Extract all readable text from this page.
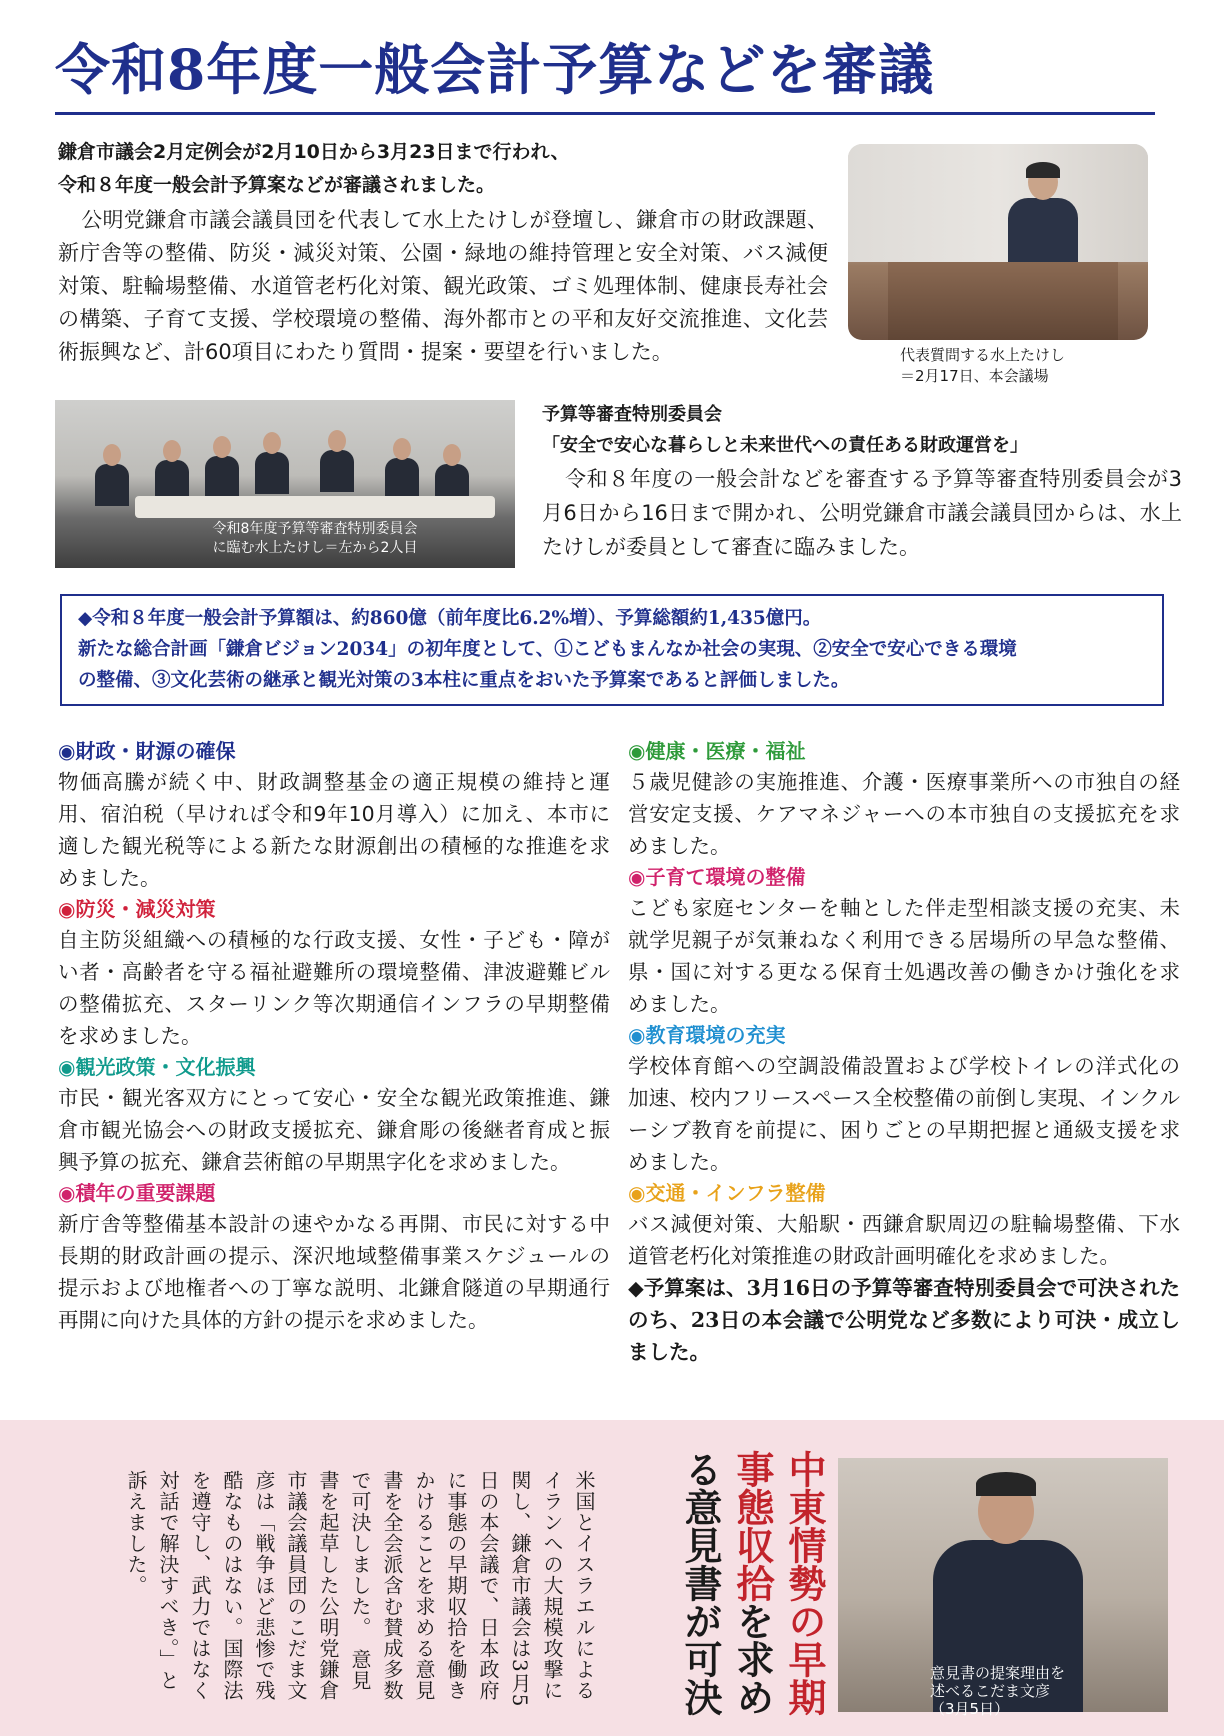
令和8年度一般会計予算などを審議
鎌倉市議会2月定例会が2月10日から3月23日まで行われ、
令和８年度一般会計予算案などが審議されました。

公明党鎌倉市議会議員団を代表して水上たけしが登壇し、鎌倉市の財政課題、新庁舎等の整備、防災・減災対策、公園・緑地の維持管理と安全対策、バス減便対策、駐輪場整備、水道管老朽化対策、観光政策、ゴミ処理体制、健康長寿社会の構築、子育て支援、学校環境の整備、海外都市との平和友好交流推進、文化芸術振興など、計60項目にわたり質問・提案・要望を行いました。	代表質問する水上たけし
＝2月17日、本会議場
令和8年度予算等審査特別委員会
に臨む水上たけし＝左から2人目
予算等審査特別委員会
「安全で安心な暮らしと未来世代への責任ある財政運営を」

令和８年度の一般会計などを審査する予算等審査特別委員会が3月6日から16日まで開かれ、公明党鎌倉市議会議員団からは、水上たけしが委員として審査に臨みました。

◆令和８年度一般会計予算額は、約860億（前年度比6.2%増）、予算総額約1,435億円。
新たな総合計画「鎌倉ビジョン2034」の初年度として、①こどもまんなか社会の実現、②安全で安心できる環境
の整備、③文化芸術の継承と観光対策の3本柱に重点をおいた予算案であると評価しました。
◉財政・財源の確保

物価高騰が続く中、財政調整基金の適正規模の維持と運用、宿泊税（早ければ令和9年10月導入）に加え、本市に適した観光税等による新たな財源創出の積極的な推進を求めました。

◉防災・減災対策

自主防災組織への積極的な行政支援、女性・子ども・障がい者・高齢者を守る福祉避難所の環境整備、津波避難ビルの整備拡充、スターリンク等次期通信インフラの早期整備を求めました。

◉観光政策・文化振興

市民・観光客双方にとって安心・安全な観光政策推進、鎌倉市観光協会への財政支援拡充、鎌倉彫の後継者育成と振興予算の拡充、鎌倉芸術館の早期黒字化を求めました。

◉積年の重要課題

新庁舎等整備基本設計の速やかなる再開、市民に対する中長期的財政計画の提示、深沢地域整備事業スケジュールの提示および地権者への丁寧な説明、北鎌倉隧道の早期通行再開に向けた具体的方針の提示を求めました。

◉健康・医療・福祉

５歳児健診の実施推進、介護・医療事業所への市独自の経営安定支援、ケアマネジャーへの本市独自の支援拡充を求めました。

◉子育て環境の整備

こども家庭センターを軸とした伴走型相談支援の充実、未就学児親子が気兼ねなく利用できる居場所の早急な整備、県・国に対する更なる保育士処遇改善の働きかけ強化を求めました。

◉教育環境の充実

学校体育館への空調設備設置および学校トイレの洋式化の加速、校内フリースペース全校整備の前倒し実現、インクルーシブ教育を前提に、困りごとの早期把握と通級支援を求めました。

◉交通・インフラ整備

バス減便対策、大船駅・西鎌倉駅周辺の駐輪場整備、下水道管老朽化対策推進の財政計画明確化を求めました。

◆予算案は、3月16日の予算等審査特別委員会で可決されたのち、23日の本会議で公明党など多数により可決・成立しました。

米国とイスラエルによるイランへの大規模攻撃に関し、鎌倉市議会は3月5日の本会議で、日本政府に事態の早期収拾を働きかけることを求める意見書を全会派含む賛成多数で可決しました。　意見書を起草した公明党鎌倉市議会議員団のこだま文彦は「戦争ほど悲惨で残酷なものはない。国際法を遵守し、武力ではなく対話で解決すべき。」と訴えました。	中東情勢の早期事態収拾を求める意見書が可決	意見書の提案理由を
述べるこだま文彦
（3月5日）
